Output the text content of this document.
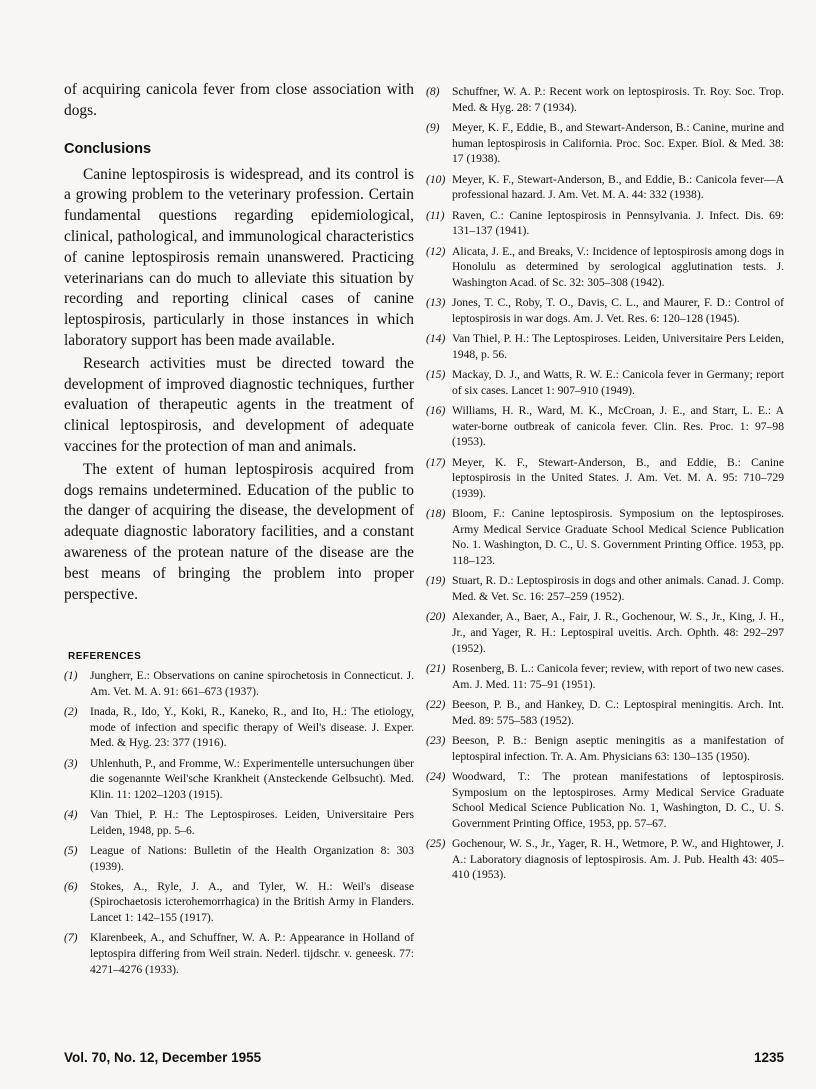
of acquiring canicola fever from close association with dogs.

Conclusions

Canine leptospirosis is widespread, and its control is a growing problem to the veterinary profession. Certain fundamental questions regarding epidemiological, clinical, pathological, and immunological characteristics of canine leptospirosis remain unanswered. Practicing veterinarians can do much to alleviate this situation by recording and reporting clinical cases of canine leptospirosis, particularly in those instances in which laboratory support has been made available.

Research activities must be directed toward the development of improved diagnostic techniques, further evaluation of therapeutic agents in the treatment of clinical leptospirosis, and development of adequate vaccines for the protection of man and animals.

The extent of human leptospirosis acquired from dogs remains undetermined. Education of the public to the danger of acquiring the disease, the development of adequate diagnostic laboratory facilities, and a constant awareness of the protean nature of the disease are the best means of bringing the problem into proper perspective.

REFERENCES
(1)	Jungherr, E.: Observations on canine spirochetosis in Connecticut. J. Am. Vet. M. A. 91: 661–673 (1937).
(2)	Inada, R., Ido, Y., Koki, R., Kaneko, R., and Ito, H.: The etiology, mode of infection and specific therapy of Weil's disease. J. Exper. Med. & Hyg. 23: 377 (1916).
(3)	Uhlenhuth, P., and Fromme, W.: Experimentelle untersuchungen über die sogenannte Weil'sche Krankheit (Ansteckende Gelbsucht). Med. Klin. 11: 1202–1203 (1915).
(4)	Van Thiel, P. H.: The Leptospiroses. Leiden, Universitaire Pers Leiden, 1948, pp. 5–6.
(5)	League of Nations: Bulletin of the Health Organization 8: 303 (1939).
(6)	Stokes, A., Ryle, J. A., and Tyler, W. H.: Weil's disease (Spirochaetosis icterohemorrhagica) in the British Army in Flanders. Lancet 1: 142–155 (1917).
(7)	Klarenbeek, A., and Schuffner, W. A. P.: Appearance in Holland of leptospira differing from Weil strain. Nederl. tijdschr. v. geneesk. 77: 4271–4276 (1933).
(8)	Schuffner, W. A. P.: Recent work on leptospirosis. Tr. Roy. Soc. Trop. Med. & Hyg. 28: 7 (1934).
(9)	Meyer, K. F., Eddie, B., and Stewart-Anderson, B.: Canine, murine and human leptospirosis in California. Proc. Soc. Exper. Biol. & Med. 38: 17 (1938).
(10) Meyer, K. F., Stewart-Anderson, B., and Eddie, B.: Canicola fever—A professional hazard. J. Am. Vet. M. A. 44: 332 (1938).
(11) Raven, C.: Canine leptospirosis in Pennsylvania. J. Infect. Dis. 69: 131–137 (1941).
(12) Alicata, J. E., and Breaks, V.: Incidence of leptospirosis among dogs in Honolulu as determined by serological agglutination tests. J. Washington Acad. of Sc. 32: 305–308 (1942).
(13) Jones, T. C., Roby, T. O., Davis, C. L., and Maurer, F. D.: Control of leptospirosis in war dogs. Am. J. Vet. Res. 6: 120–128 (1945).
(14) Van Thiel, P. H.: The Leptospiroses. Leiden, Universitaire Pers Leiden, 1948, p. 56.
(15) Mackay, D. J., and Watts, R. W. E.: Canicola fever in Germany; report of six cases. Lancet 1: 907–910 (1949).
(16) Williams, H. R., Ward, M. K., McCroan, J. E., and Starr, L. E.: A water-borne outbreak of canicola fever. Clin. Res. Proc. 1: 97–98 (1953).
(17) Meyer, K. F., Stewart-Anderson, B., and Eddie, B.: Canine leptospirosis in the United States. J. Am. Vet. M. A. 95: 710–729 (1939).
(18) Bloom, F.: Canine leptospirosis. Symposium on the leptospiroses. Army Medical Service Graduate School Medical Science Publication No. 1. Washington, D. C., U. S. Government Printing Office. 1953, pp. 118–123.
(19) Stuart, R. D.: Leptospirosis in dogs and other animals. Canad. J. Comp. Med. & Vet. Sc. 16: 257–259 (1952).
(20) Alexander, A., Baer, A., Fair, J. R., Gochenour, W. S., Jr., King, J. H., Jr., and Yager, R. H.: Leptospiral uveitis. Arch. Ophth. 48: 292–297 (1952).
(21) Rosenberg, B. L.: Canicola fever; review, with report of two new cases. Am. J. Med. 11: 75–91 (1951).
(22) Beeson, P. B., and Hankey, D. C.: Leptospiral meningitis. Arch. Int. Med. 89: 575–583 (1952).
(23) Beeson, P. B.: Benign aseptic meningitis as a manifestation of leptospiral infection. Tr. A. Am. Physicians 63: 130–135 (1950).
(24) Woodward, T.: The protean manifestations of leptospirosis. Symposium on the leptospiroses. Army Medical Service Graduate School Medical Science Publication No. 1, Washington, D. C., U. S. Government Printing Office, 1953, pp. 57–67.
(25) Gochenour, W. S., Jr., Yager, R. H., Wetmore, P. W., and Hightower, J. A.: Laboratory diagnosis of leptospirosis. Am. J. Pub. Health 43: 405–410 (1953).
Vol. 70, No. 12, December 1955	1235
